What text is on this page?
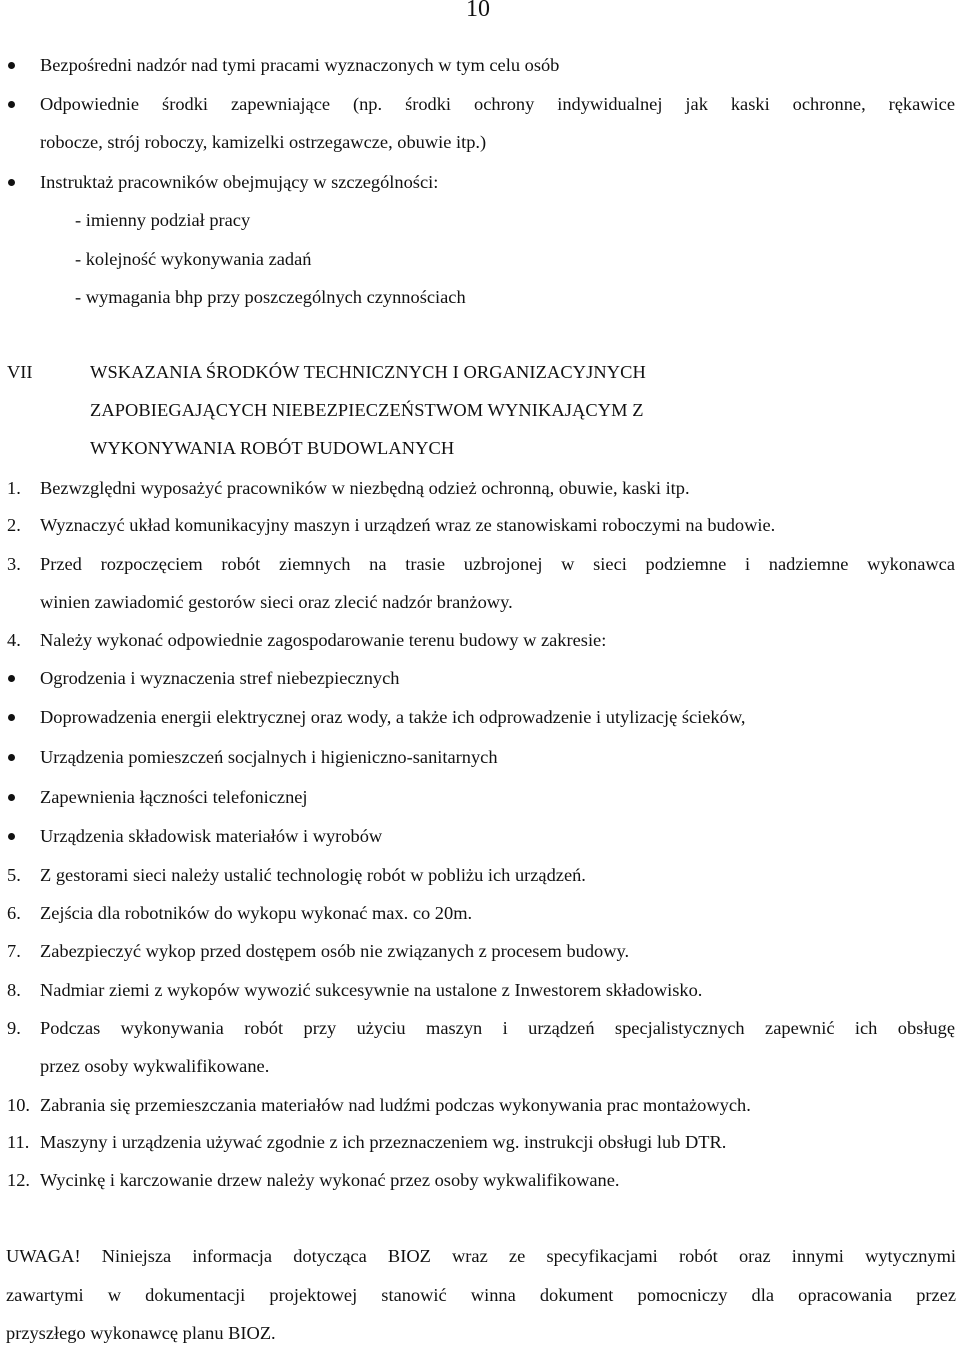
10
Bezpośredni nadzór nad tymi pracami wyznaczonych w tym celu osób
Odpowiednie środki zapewniające (np. środki ochrony indywidualnej jak kaski ochronne, rękawice
robocze, strój roboczy, kamizelki ostrzegawcze, obuwie itp.)
Instruktaż pracowników obejmujący w szczególności:
- imienny podział pracy
- kolejność wykonywania zadań
- wymagania bhp przy poszczególnych czynnościach
VII	WSKAZANIA ŚRODKÓW TECHNICZNYCH I ORGANIZACYJNYCH
ZAPOBIEGAJĄCYCH NIEBEZPIECZEŃSTWOM WYNIKAJĄCYM Z
WYKONYWANIA ROBÓT BUDOWLANYCH
1. Bezwzględni wyposażyć pracowników w niezbędną odzież ochronną, obuwie, kaski itp.
2. Wyznaczyć układ komunikacyjny maszyn i urządzeń wraz ze stanowiskami roboczymi na budowie.
3. Przed rozpoczęciem robót ziemnych na trasie uzbrojonej w sieci podziemne i nadziemne wykonawca
winien zawiadomić gestorów sieci oraz zlecić nadzór branżowy.
4. Należy wykonać odpowiednie zagospodarowanie terenu budowy w zakresie:
Ogrodzenia i wyznaczenia stref niebezpiecznych
Doprowadzenia energii elektrycznej oraz wody, a także ich odprowadzenie i utylizację ścieków,
Urządzenia pomieszczeń socjalnych i higieniczno-sanitarnych
Zapewnienia łączności telefonicznej
Urządzenia składowisk materiałów i wyrobów
5. Z gestorami sieci należy ustalić technologię robót w pobliżu ich urządzeń.
6. Zejścia dla robotników do wykopu wykonać max. co 20m.
7. Zabezpieczyć wykop przed dostępem osób nie związanych z procesem budowy.
8. Nadmiar ziemi z wykopów wywozić sukcesywnie na ustalone z Inwestorem składowisko.
9. Podczas wykonywania robót przy użyciu maszyn i urządzeń specjalistycznych zapewnić ich obsługę
przez osoby wykwalifikowane.
10. Zabrania się przemieszczania materiałów nad ludźmi podczas wykonywania prac montażowych.
11. Maszyny i urządzenia używać zgodnie z ich przeznaczeniem wg. instrukcji obsługi lub DTR.
12. Wycinkę i karczowanie drzew należy wykonać przez osoby wykwalifikowane.
UWAGA! Niniejsza informacja dotycząca BIOZ wraz ze specyfikacjami robót oraz innymi wytycznymi
zawartymi w dokumentacji projektowej stanowić winna dokument pomocniczy dla opracowania przez
przyszłego wykonawcę planu BIOZ.
